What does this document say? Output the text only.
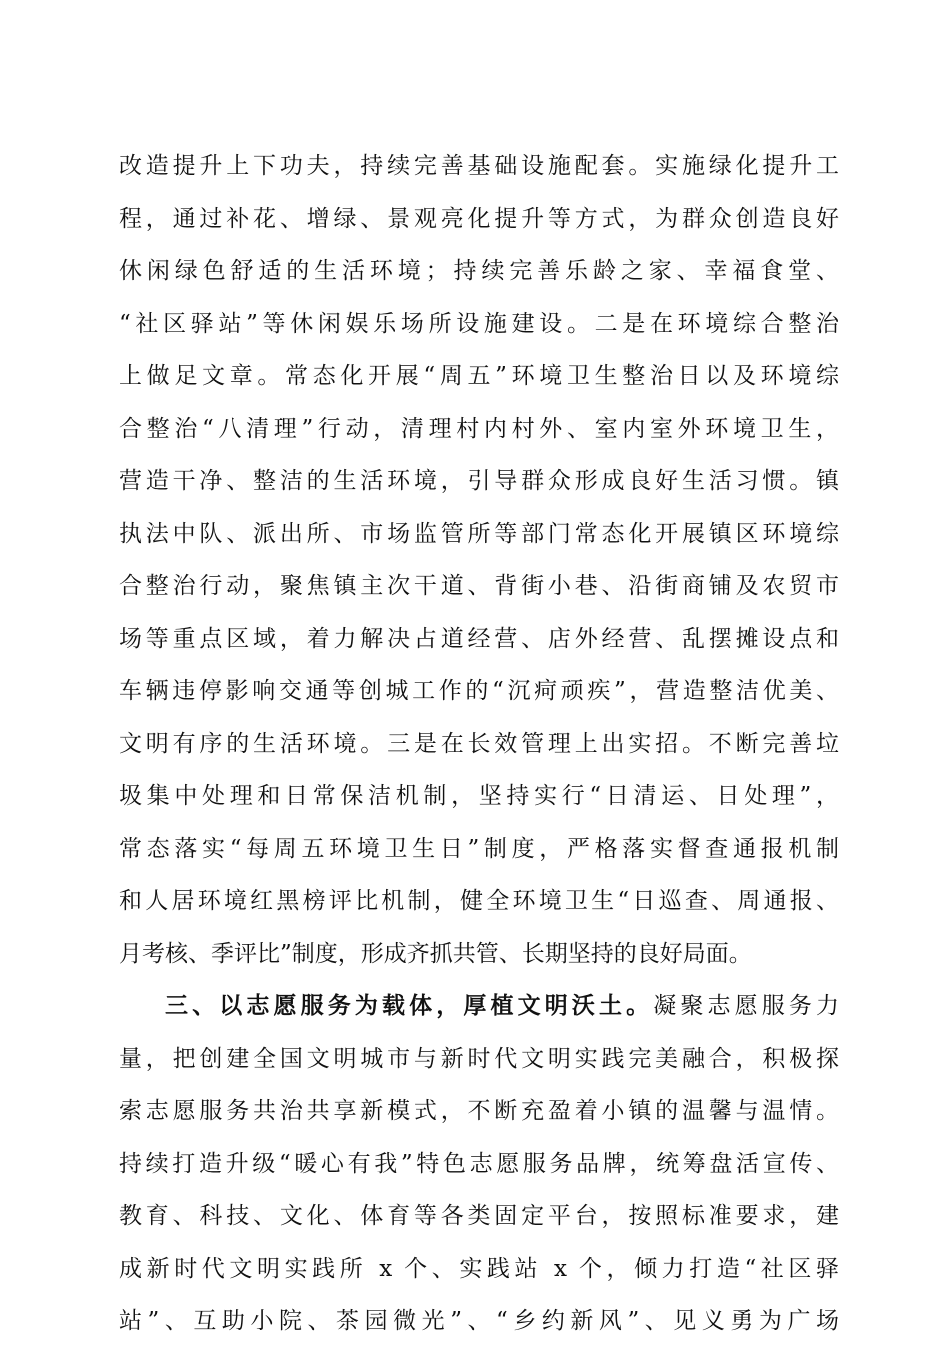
改造提升上下功夫，持续完善基础设施配套。实施绿化提升工
程，通过补花、增绿、景观亮化提升等方式，为群众创造良好
休闲绿色舒适的生活环境；持续完善乐龄之家、幸福食堂、
“社区驿站”等休闲娱乐场所设施建设。二是在环境综合整治
上做足文章。常态化开展“周五”环境卫生整治日以及环境综
合整治“八清理”行动，清理村内村外、室内室外环境卫生，
营造干净、整洁的生活环境，引导群众形成良好生活习惯。镇
执法中队、派出所、市场监管所等部门常态化开展镇区环境综
合整治行动，聚焦镇主次干道、背街小巷、沿街商铺及农贸市
场等重点区域，着力解决占道经营、店外经营、乱摆摊设点和
车辆违停影响交通等创城工作的“沉疴顽疾”，营造整洁优美、
文明有序的生活环境。三是在长效管理上出实招。不断完善垃
圾集中处理和日常保洁机制，坚持实行“日清运、日处理”，
常态落实“每周五环境卫生日”制度，严格落实督查通报机制
和人居环境红黑榜评比机制，健全环境卫生“日巡查、周通报、
月考核、季评比”制度，形成齐抓共管、长期坚持的良好局面。
三、以志愿服务为载体，厚植文明沃土。凝聚志愿服务力
量，把创建全国文明城市与新时代文明实践完美融合，积极探
索志愿服务共治共享新模式，不断充盈着小镇的温馨与温情。
持续打造升级“暖心有我”特色志愿服务品牌，统筹盘活宣传、
教育、科技、文化、体育等各类固定平台，按照标准要求，建
成新时代文明实践所 x 个、实践站 x 个，倾力打造“社区驿
站”、互助小院、茶园微光”、“乡约新风”、见义勇为广场
